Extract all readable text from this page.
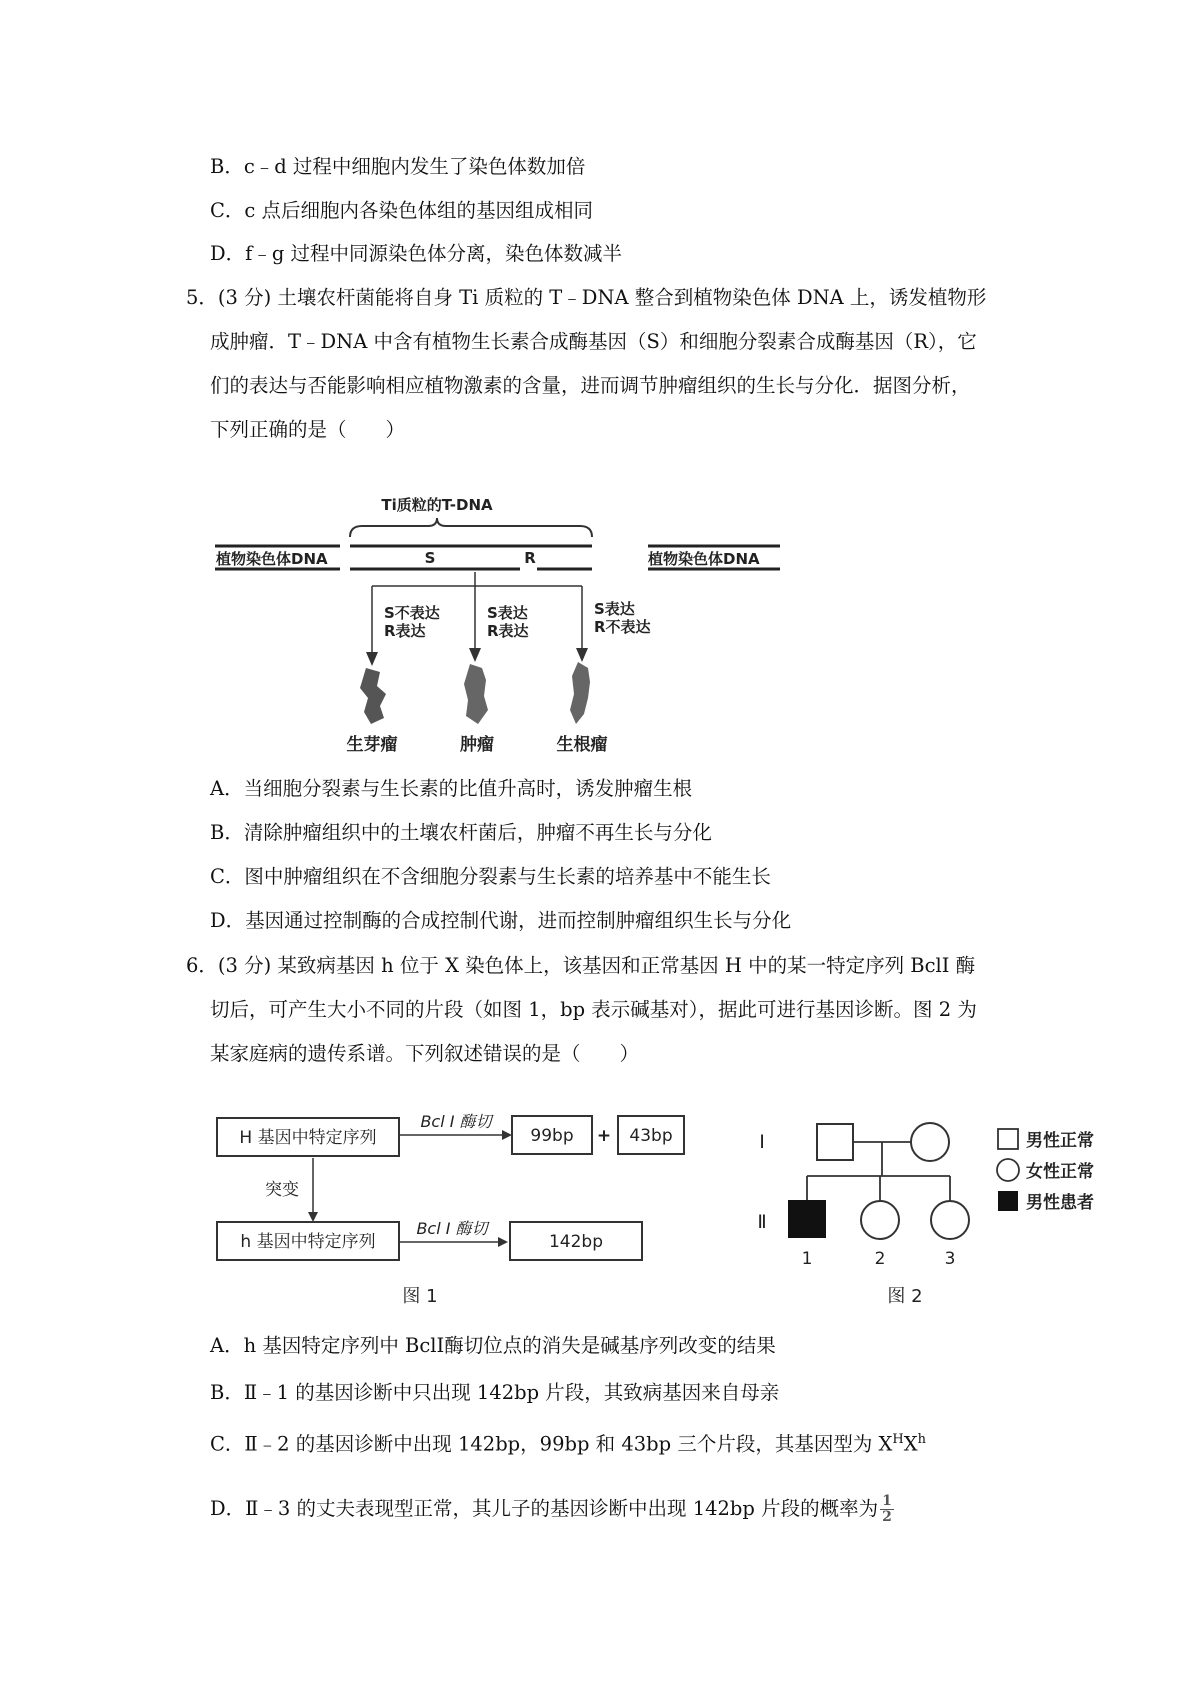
B．c﹣d 过程中细胞内发生了染色体数加倍
C．c 点后细胞内各染色体组的基因组成相同
D．f﹣g 过程中同源染色体分离，染色体数减半
5．(3 分) 土壤农杆菌能将自身 Ti 质粒的 T﹣DNA 整合到植物染色体 DNA 上，诱发植物形
成肿瘤．T﹣DNA 中含有植物生长素合成酶基因（S）和细胞分裂素合成酶基因（R），它
们的表达与否能影响相应植物激素的含量，进而调节肿瘤组织的生长与分化．据图分析，
下列正确的是（　　）
Ti质粒的T-DNA
植物染色体DNA	S	R	植物染色体DNA
S不表达
R表达
S表达
R表达
S表达
R不表达
生芽瘤	肿瘤	生根瘤
A．当细胞分裂素与生长素的比值升高时，诱发肿瘤生根
B．清除肿瘤组织中的土壤农杆菌后，肿瘤不再生长与分化
C．图中肿瘤组织在不含细胞分裂素与生长素的培养基中不能生长
D．基因通过控制酶的合成控制代谢，进而控制肿瘤组织生长与分化
6．(3 分) 某致病基因 h 位于 X 染色体上，该基因和正常基因 H 中的某一特定序列 BclI 酶
切后，可产生大小不同的片段（如图 1，bp 表示碱基对），据此可进行基因诊断。图 2 为
某家庭病的遗传系谱。下列叙述错误的是（　　）
H 基因中特定序列
Bcl Ⅰ 酶切
99bp + 43bp
突变
h 基因中特定序列
Bcl Ⅰ 酶切
142bp
图 1
Ⅰ
Ⅱ
1	2	3
男性正常
女性正常
男性患者
图 2
A．h 基因特定序列中 BclⅠ酶切位点的消失是碱基序列改变的结果
B．Ⅱ﹣1 的基因诊断中只出现 142bp 片段，其致病基因来自母亲
C．Ⅱ﹣2 的基因诊断中出现 142bp，99bp 和 43bp 三个片段，其基因型为 $X^HX^h$
D．Ⅱ﹣3 的丈夫表现型正常，其儿子的基因诊断中出现 142bp 片段的概率为 $\frac{1}{2}$
